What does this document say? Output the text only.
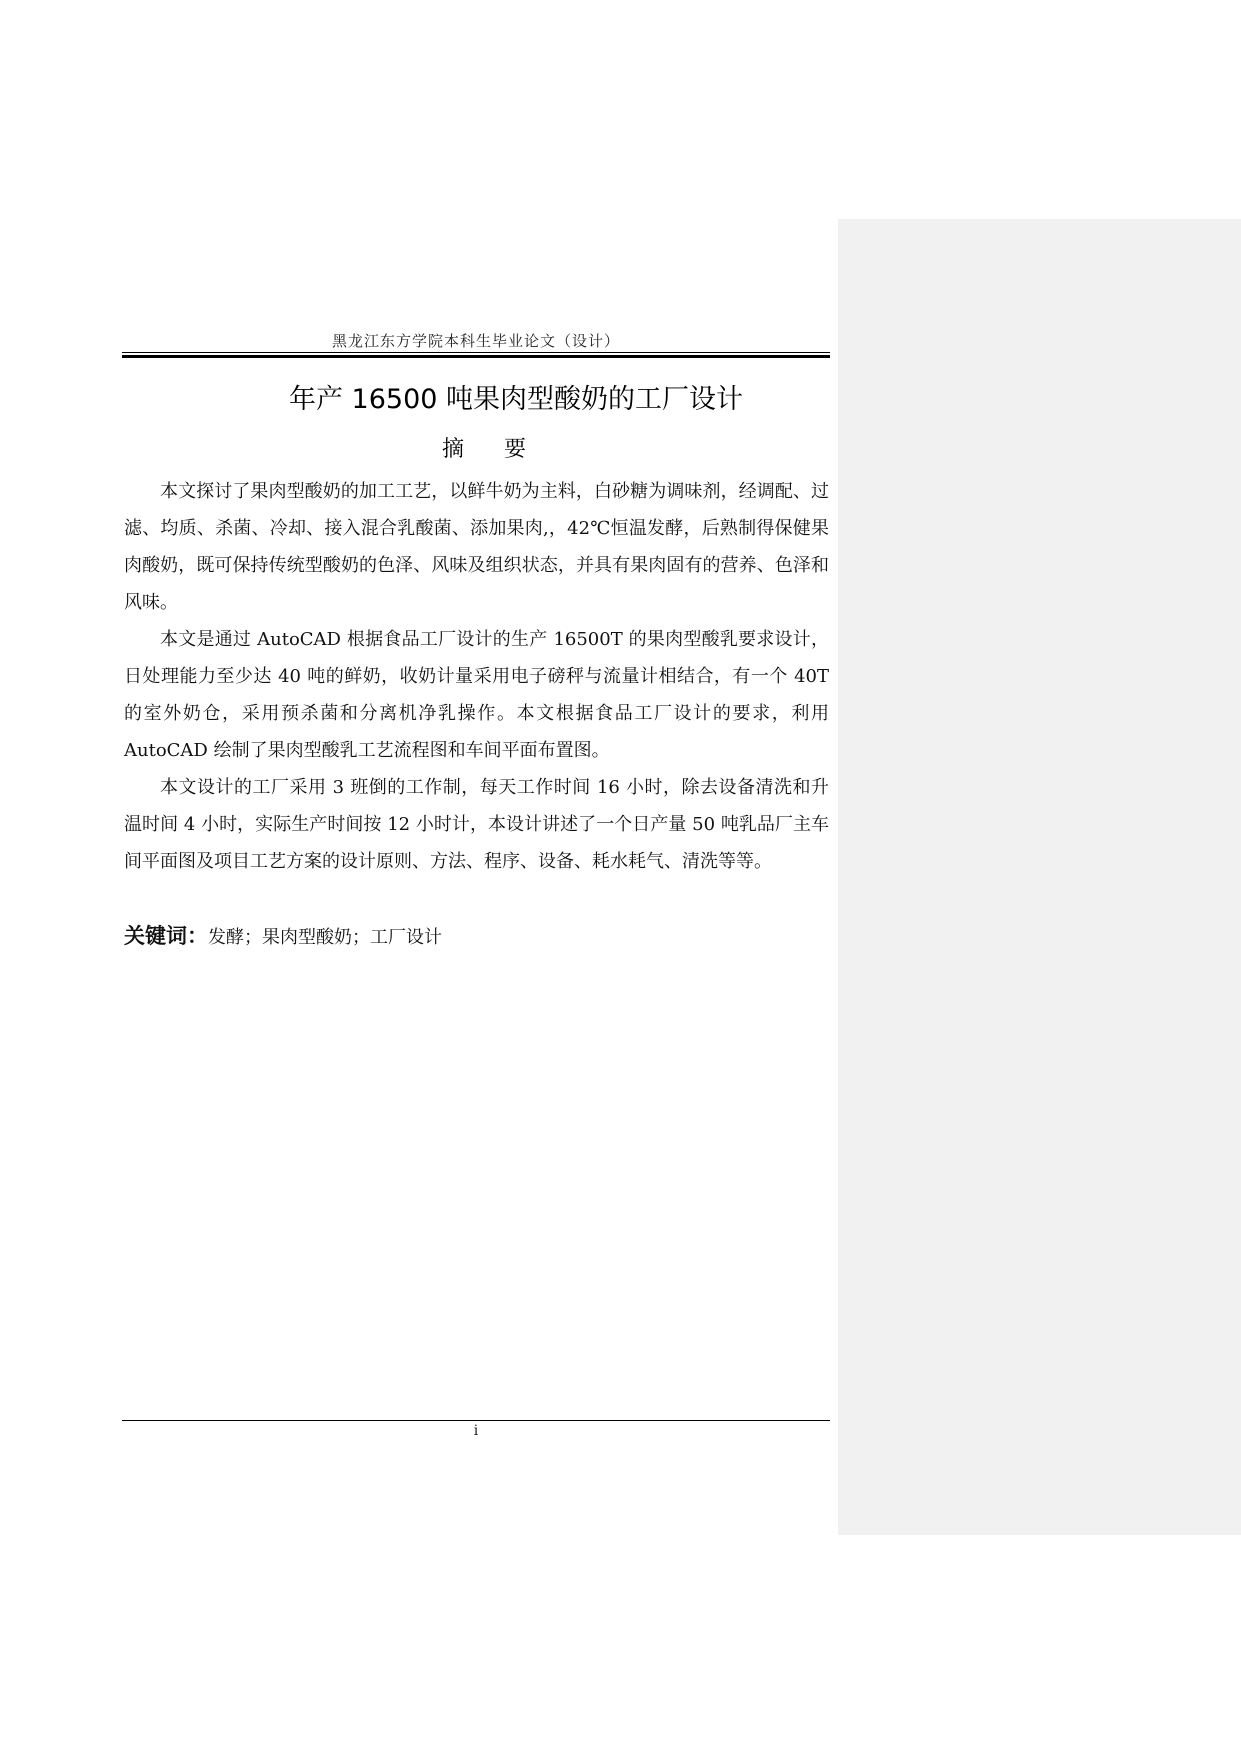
黑龙江东方学院本科生毕业论文（设计）
年产 16500 吨果肉型酸奶的工厂设计
摘要

本文探讨了果肉型酸奶的加工工艺，以鲜牛奶为主料，白砂糖为调味剂，经调配、过滤、均质、杀菌、冷却、接入混合乳酸菌、添加果肉,，42℃恒温发酵，后熟制得保健果肉酸奶，既可保持传统型酸奶的色泽、风味及组织状态，并具有果肉固有的营养、色泽和风味。

本文是通过 AutoCAD 根据食品工厂设计的生产 16500T 的果肉型酸乳要求设计，日处理能力至少达 40 吨的鲜奶，收奶计量采用电子磅秤与流量计相结合，有一个 40T 的室外奶仓，采用预杀菌和分离机净乳操作。本文根据食品工厂设计的要求，利用 AutoCAD 绘制了果肉型酸乳工艺流程图和车间平面布置图。

本文设计的工厂采用 3 班倒的工作制，每天工作时间 16 小时，除去设备清洗和升温时间 4 小时，实际生产时间按 12 小时计，本设计讲述了一个日产量 50 吨乳品厂主车间平面图及项目工艺方案的设计原则、方法、程序、设备、耗水耗气、清洗等等。

关键词：发酵；果肉型酸奶；工厂设计
i
